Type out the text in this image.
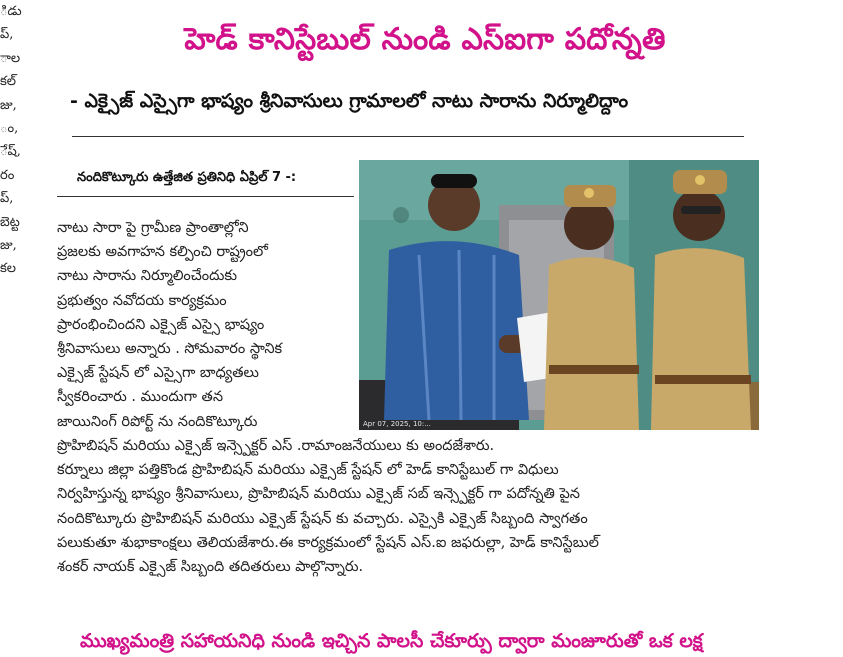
ిడు
ప్,
ాల
కల్
జు,
ం,
ేష్,
రం
ప్,
బెట్ట
జు,
కల
హెడ్ కానిస్టేబుల్ నుండి ఎస్ఐగా పదోన్నతి
- ఎక్సైజ్ ఎస్సైగా భాష్యం శ్రీనివాసులు గ్రామాలలో నాటు సారాను నిర్మూలిద్దాం
నందికొట్కూరు ఉత్తేజిత ప్రతినిధి ఏప్రిల్ 7 -:
Apr 07, 2025, 10:...
నాటు సారా పై గ్రామీణ ప్రాంతాల్లోని
ప్రజలకు అవగాహన కల్పించి రాష్ట్రంలో
నాటు సారాను నిర్మూలించేందుకు
ప్రభుత్వం నవోదయ కార్యక్రమం
ప్రారంభించిందని ఎక్సైజ్ ఎస్సై భాష్యం
శ్రీనివాసులు అన్నారు . సోమవారం స్థానిక
ఎక్సైజ్ స్టేషన్ లో ఎస్సైగా బాధ్యతలు
స్వీకరించారు . ముందుగా తన
జాయినింగ్ రిపోర్ట్ ను నందికొట్కూరు
ప్రొహిబిషన్ మరియు ఎక్సైజ్ ఇన్స్పెక్టర్ ఎస్ .రామాంజనేయులు కు అందజేశారు.
కర్నూలు జిల్లా పత్తికొండ ప్రొహిబిషన్ మరియు ఎక్సైజ్ స్టేషన్ లో హెడ్ కానిస్టేబుల్ గా విధులు
నిర్వహిస్తున్న భాష్యం శ్రీనివాసులు, ప్రొహిబిషన్ మరియు ఎక్సైజ్ సబ్ ఇన్స్పెక్టర్ గా పదోన్నతి పైన
నందికొట్కూరు ప్రొహిబిషన్ మరియు ఎక్సైజ్ స్టేషన్ కు వచ్చారు. ఎస్సైకి ఎక్సైజ్ సిబ్బంది స్వాగతం
పలుకుతూ శుభాకాంక్షలు తెలియజేశారు.ఈ కార్యక్రమంలో స్టేషన్ ఎస్.ఐ జఫరుల్లా, హెడ్ కానిస్టేబుల్
శంకర్ నాయక్ ఎక్సైజ్ సిబ్బంది తదితరులు పాల్గొన్నారు.
ముఖ్యమంత్రి సహాయనిధి నుండి ఇచ్చిన పాలసీ చేకూర్పు ద్వారా మంజూరుతో ఒక లక్ష
